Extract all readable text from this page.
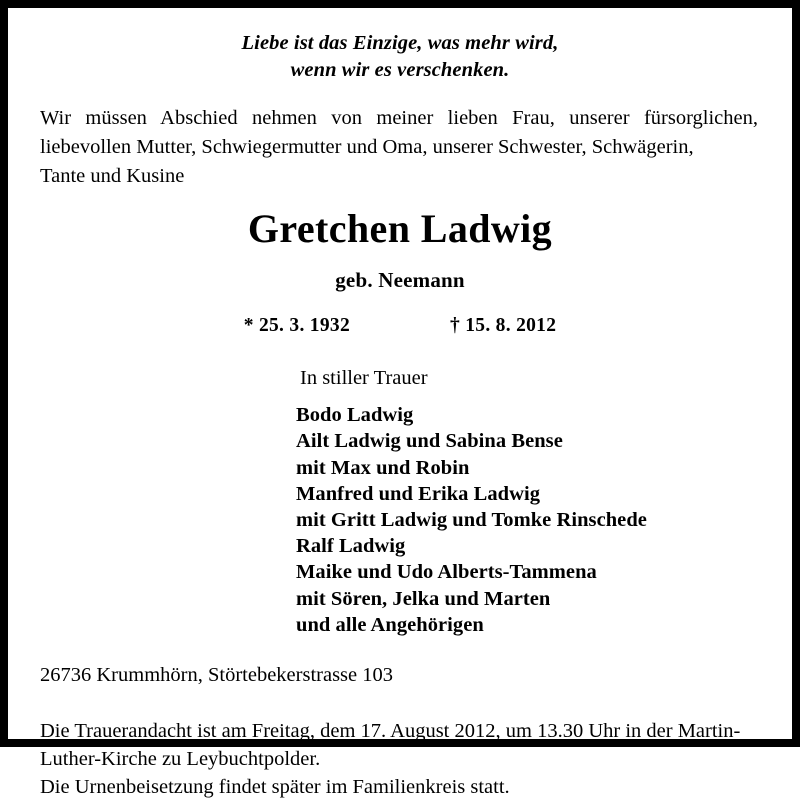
Liebe ist das Einzige, was mehr wird,
wenn wir es verschenken.

Wir müssen Abschied nehmen von meiner lieben Frau, unserer fürsorglichen, liebevollen Mutter, Schwiegermutter und Oma, unserer Schwester, Schwägerin,
Tante und Kusine

Gretchen Ladwig
geb. Neemann
* 25. 3. 1932	† 15. 8. 2012
In stiller Trauer
Bodo Ladwig
Ailt Ladwig und Sabina Bense
mit Max und Robin
Manfred und Erika Ladwig
mit Gritt Ladwig und Tomke Rinschede
Ralf Ladwig
Maike und Udo Alberts-Tammena
mit Sören, Jelka und Marten
und alle Angehörigen
26736 Krummhörn, Störtebekerstrasse 103
Die Trauerandacht ist am Freitag, dem 17. August 2012, um 13.30 Uhr in der Martin-
Luther-Kirche zu Leybuchtpolder.
Die Urnenbeisetzung findet später im Familienkreis statt.
